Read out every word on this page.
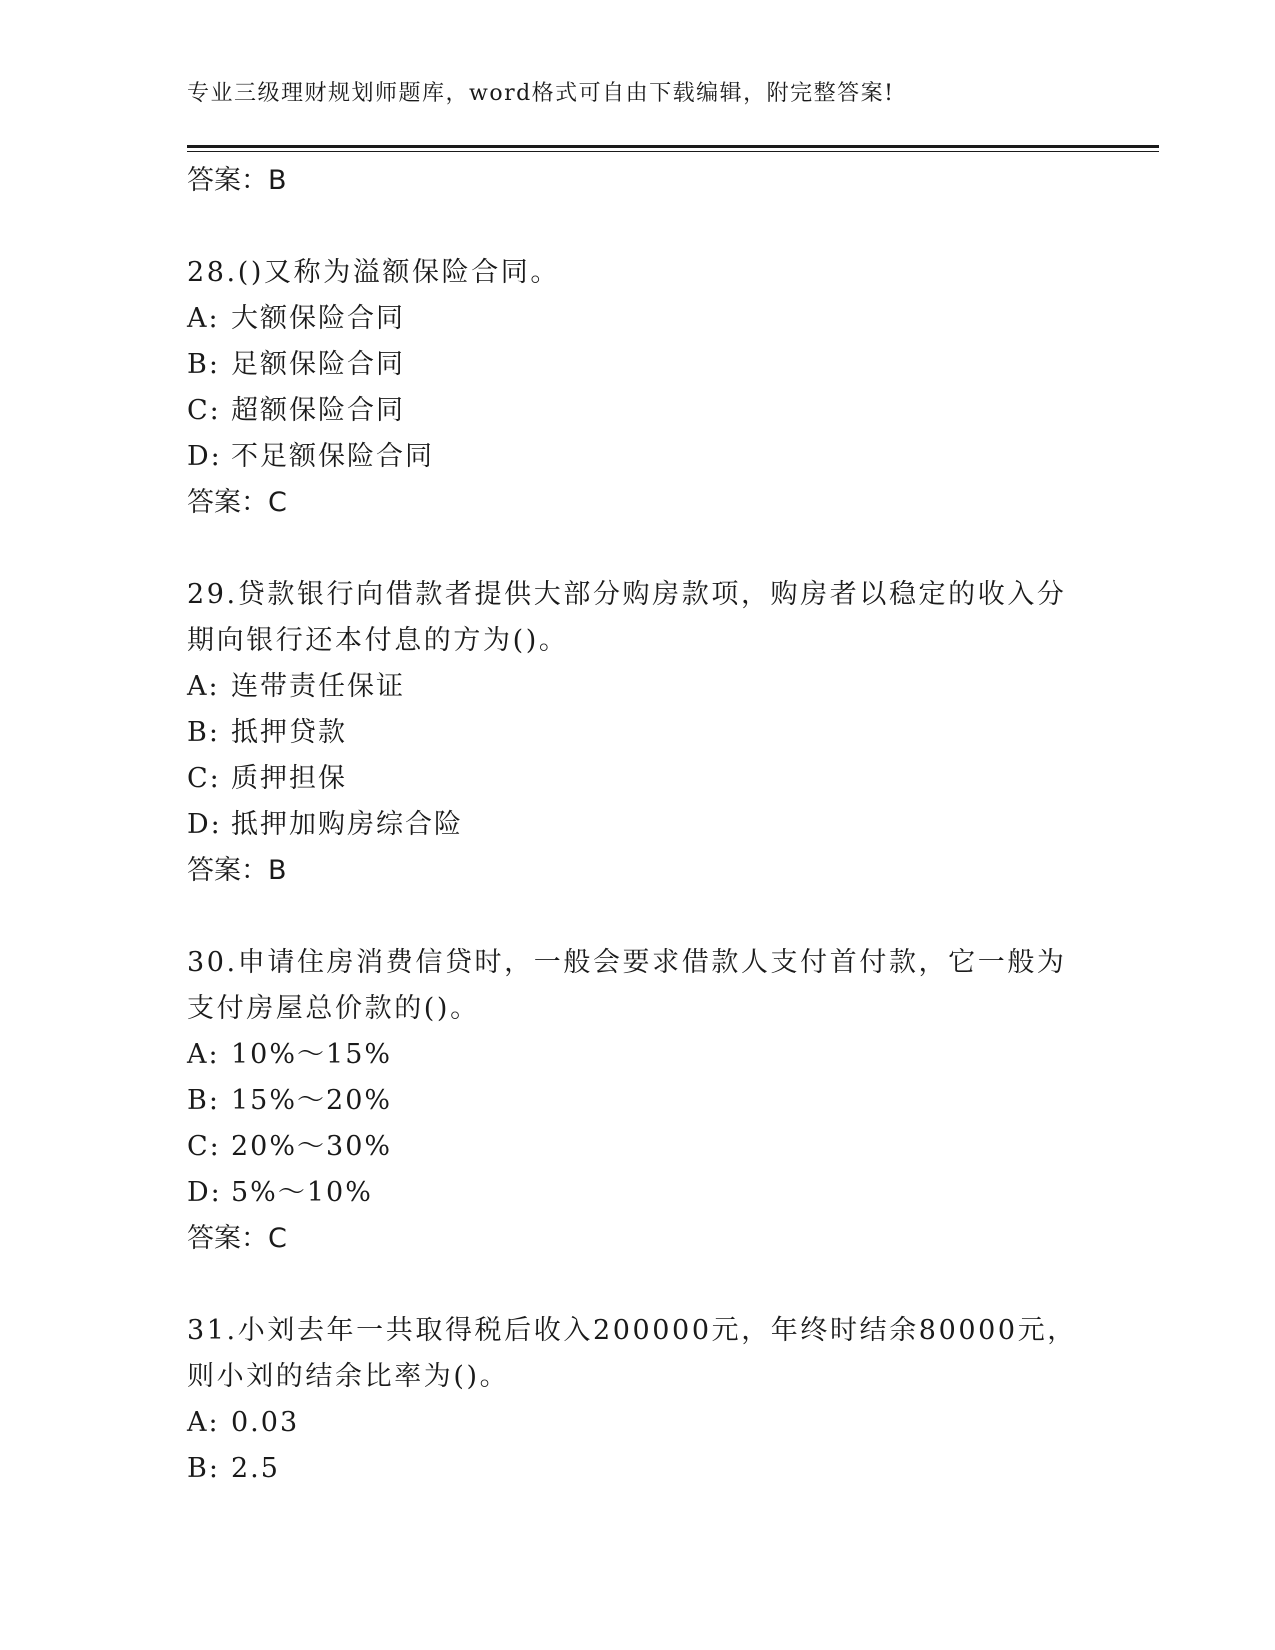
专业三级理财规划师题库，word格式可自由下载编辑，附完整答案!
答案：B
28.()又称为溢额保险合同。
A: 大额保险合同
B: 足额保险合同
C: 超额保险合同
D: 不足额保险合同
答案：C
29.贷款银行向借款者提供大部分购房款项，购房者以稳定的收入分期向银行还本付息的方为()。
A: 连带责任保证
B: 抵押贷款
C: 质押担保
D: 抵押加购房综合险
答案：B
30.申请住房消费信贷时，一般会要求借款人支付首付款，它一般为支付房屋总价款的()。
A: 10%～15%
B: 15%～20%
C: 20%～30%
D: 5%～10%
答案：C
31.小刘去年一共取得税后收入200000元，年终时结余80000元，则小刘的结余比率为()。
A: 0.03
B: 2.5
